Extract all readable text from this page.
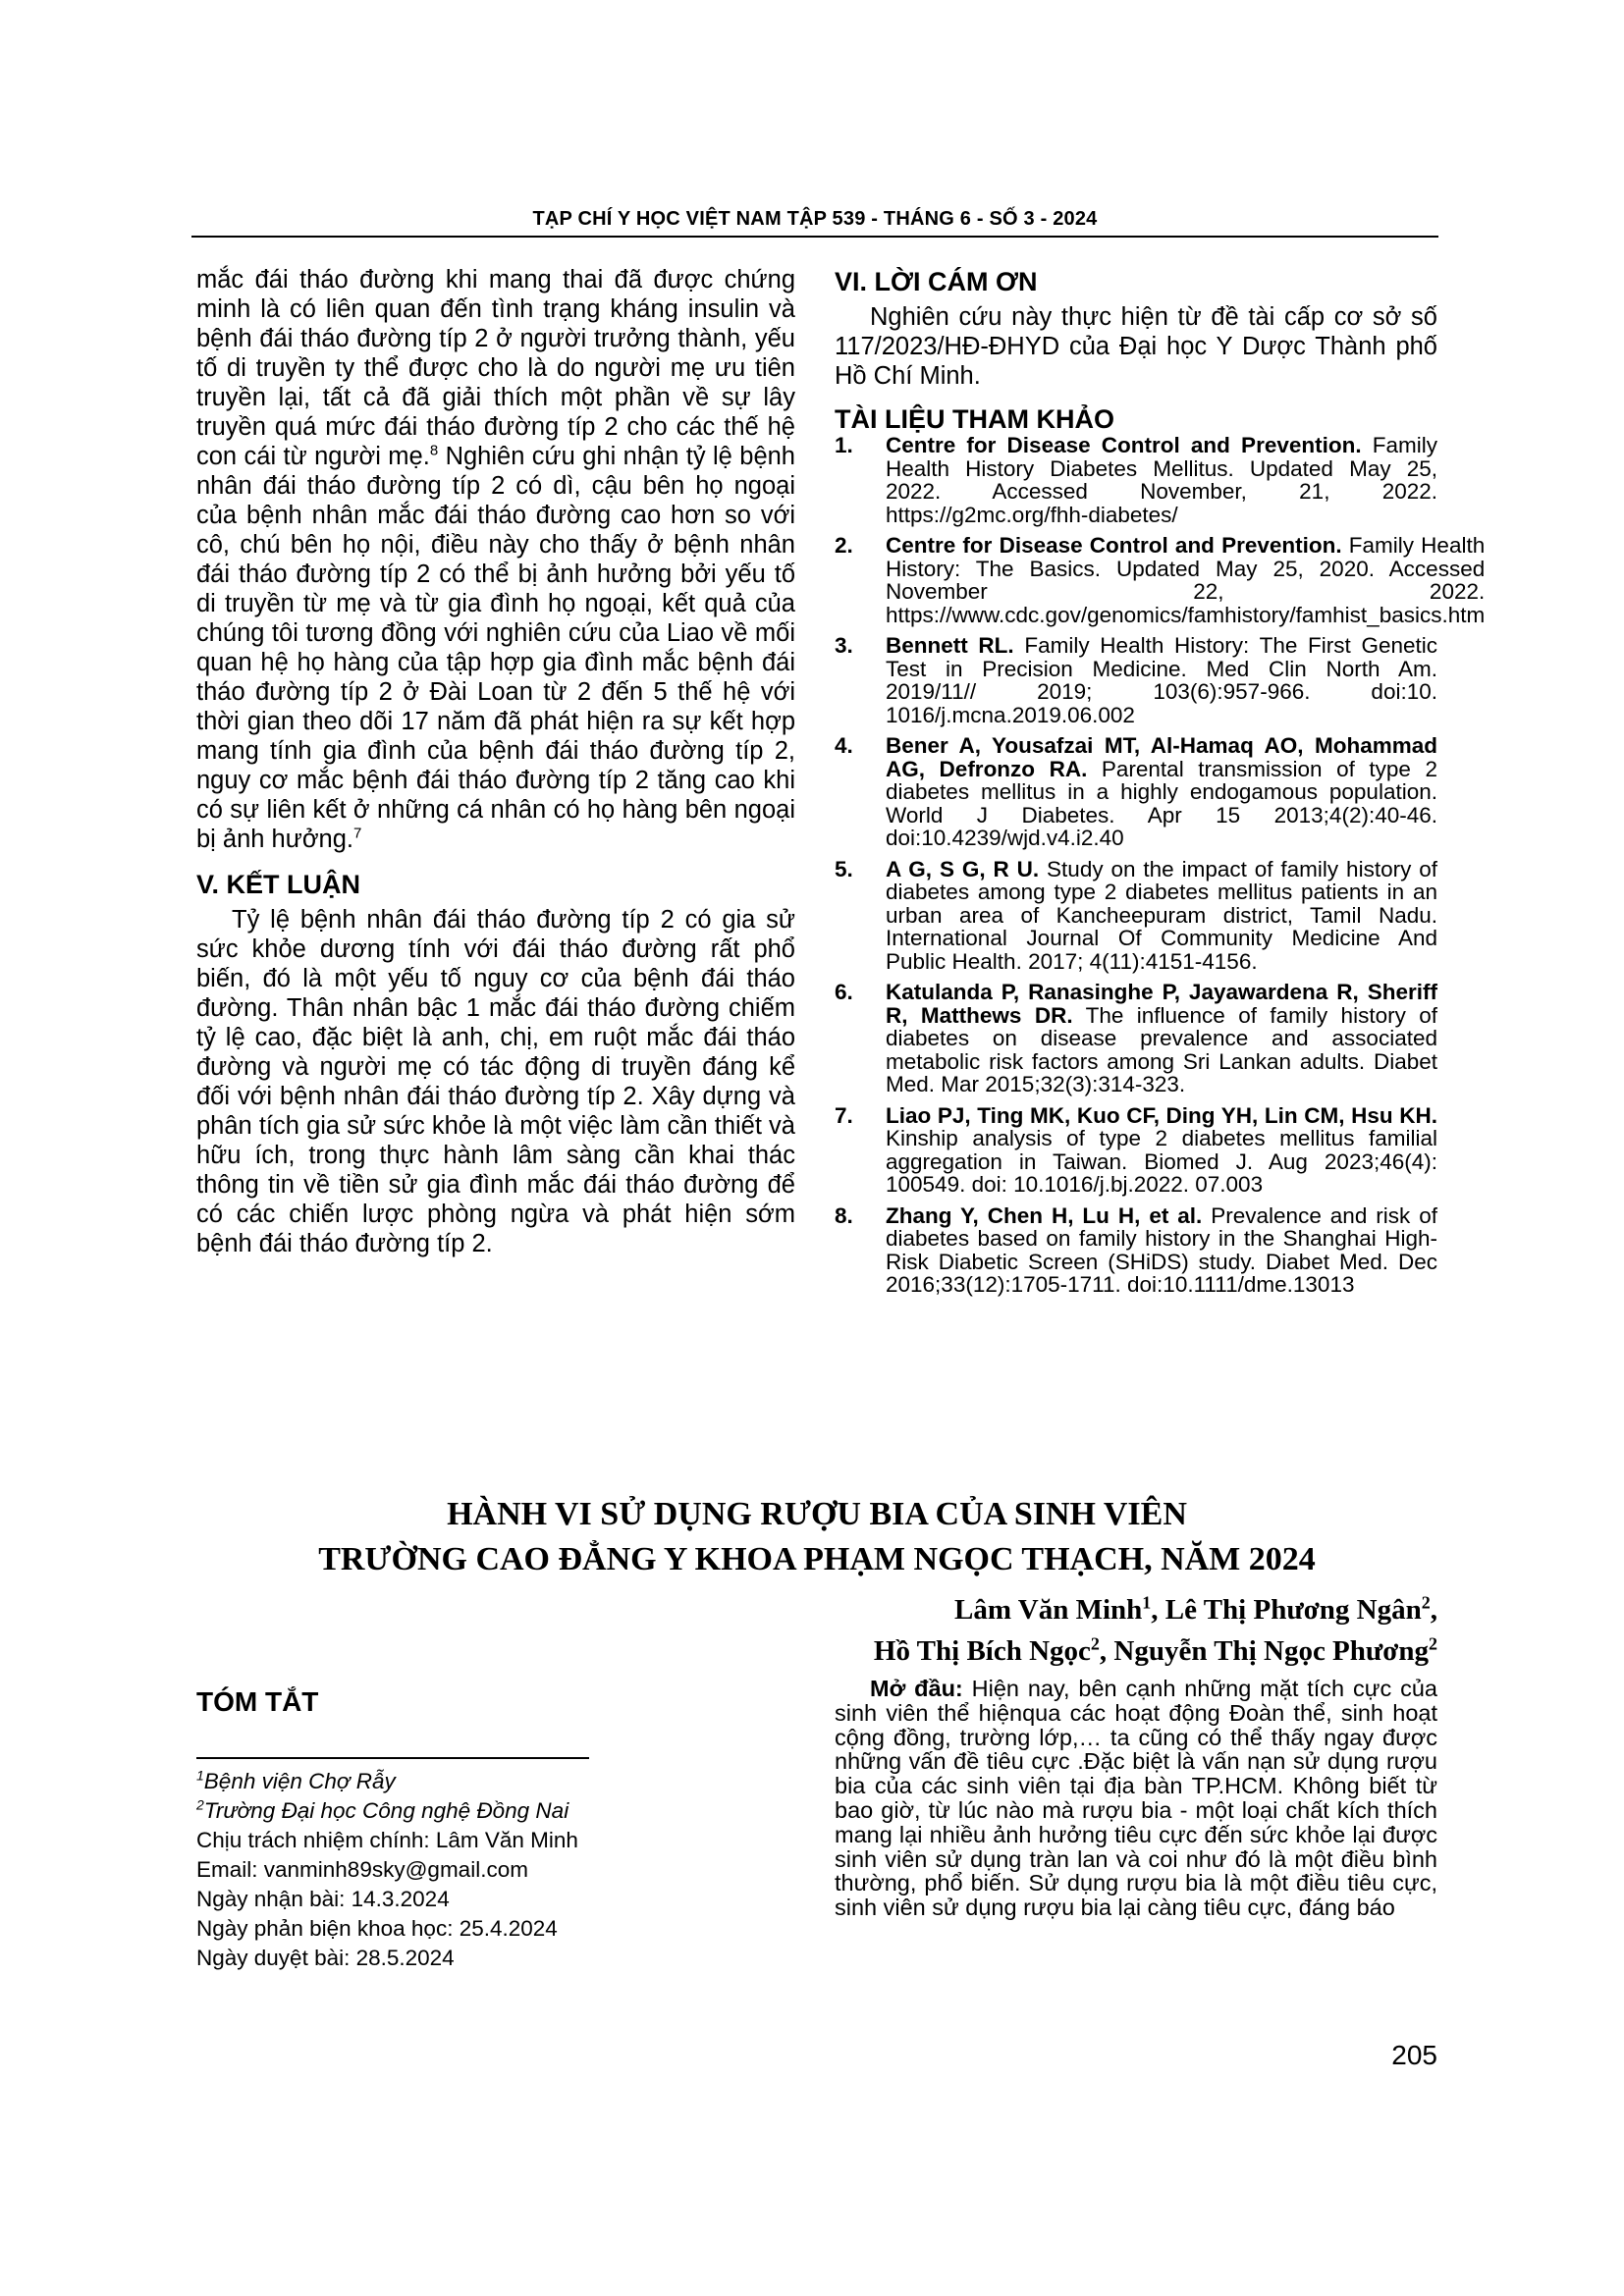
TẠP CHÍ Y HỌC VIỆT NAM TẬP 539 - THÁNG 6 - SỐ 3 - 2024

mắc đái tháo đường khi mang thai đã được chứng minh là có liên quan đến tình trạng kháng insulin và bệnh đái tháo đường típ 2 ở người trưởng thành, yếu tố di truyền ty thể được cho là do người mẹ ưu tiên truyền lại, tất cả đã giải thích một phần về sự lây truyền quá mức đái tháo đường típ 2 cho các thế hệ con cái từ người mẹ.$^8$ Nghiên cứu ghi nhận tỷ lệ bệnh nhân đái tháo đường típ 2 có dì, cậu bên họ ngoại của bệnh nhân mắc đái tháo đường cao hơn so với cô, chú bên họ nội, điều này cho thấy ở bệnh nhân đái tháo đường típ 2 có thể bị ảnh hưởng bởi yếu tố di truyền từ mẹ và từ gia đình họ ngoại, kết quả của chúng tôi tương đồng với nghiên cứu của Liao về mối quan hệ họ hàng của tập hợp gia đình mắc bệnh đái tháo đường típ 2 ở Đài Loan từ 2 đến 5 thế hệ với thời gian theo dõi 17 năm đã phát hiện ra sự kết hợp mang tính gia đình của bệnh đái tháo đường típ 2, nguy cơ mắc bệnh đái tháo đường típ 2 tăng cao khi có sự liên kết ở những cá nhân có họ hàng bên ngoại bị ảnh hưởng.$^7$

V. KẾT LUẬN

Tỷ lệ bệnh nhân đái tháo đường típ 2 có gia sử sức khỏe dương tính với đái tháo đường rất phổ biến, đó là một yếu tố nguy cơ của bệnh đái tháo đường. Thân nhân bậc 1 mắc đái tháo đường chiếm tỷ lệ cao, đặc biệt là anh, chị, em ruột mắc đái tháo đường và người mẹ có tác động di truyền đáng kể đối với bệnh nhân đái tháo đường típ 2. Xây dựng và phân tích gia sử sức khỏe là một việc làm cần thiết và hữu ích, trong thực hành lâm sàng cần khai thác thông tin về tiền sử gia đình mắc đái tháo đường để có các chiến lược phòng ngừa và phát hiện sớm bệnh đái tháo đường típ 2.

VI. LỜI CÁM ƠN

Nghiên cứu này thực hiện từ đề tài cấp cơ sở số 117/2023/HĐ-ĐHYD của Đại học Y Dược Thành phố Hồ Chí Minh.

TÀI LIỆU THAM KHẢO
1.	Centre for Disease Control and Prevention. Family Health History Diabetes Mellitus. Updated May 25, 2022. Accessed November, 21, 2022. https://g2mc.org/fhh-diabetes/
2.	Centre for Disease Control and Prevention. Family Health History: The Basics. Updated May 25, 2020. Accessed November 22, 2022. https://www.cdc.gov/genomics/famhistory/famhist_basics.htm
3.	Bennett RL. Family Health History: The First Genetic Test in Precision Medicine. Med Clin North Am. 2019/11// 2019; 103(6):957-966. doi:10. 1016/j.mcna.2019.06.002
4.	Bener A, Yousafzai MT, Al-Hamaq AO, Mohammad AG, Defronzo RA. Parental transmission of type 2 diabetes mellitus in a highly endogamous population. World J Diabetes. Apr 15 2013;4(2):40-46. doi:10.4239/wjd.v4.i2.40
5.	A G, S G, R U. Study on the impact of family history of diabetes among type 2 diabetes mellitus patients in an urban area of Kancheepuram district, Tamil Nadu. International Journal Of Community Medicine And Public Health. 2017; 4(11):4151-4156.
6.	Katulanda P, Ranasinghe P, Jayawardena R, Sheriff R, Matthews DR. The influence of family history of diabetes on disease prevalence and associated metabolic risk factors among Sri Lankan adults. Diabet Med. Mar 2015;32(3):314-323.
7.	Liao PJ, Ting MK, Kuo CF, Ding YH, Lin CM, Hsu KH. Kinship analysis of type 2 diabetes mellitus familial aggregation in Taiwan. Biomed J. Aug 2023;46(4): 100549. doi: 10.1016/j.bj.2022. 07.003
8.	Zhang Y, Chen H, Lu H, et al. Prevalence and risk of diabetes based on family history in the Shanghai High-Risk Diabetic Screen (SHiDS) study. Diabet Med. Dec 2016;33(12):1705-1711. doi:10.1111/dme.13013
HÀNH VI SỬ DỤNG RƯỢU BIA CỦA SINH VIÊN
TRƯỜNG CAO ĐẲNG Y KHOA PHẠM NGỌC THẠCH, NĂM 2024
Lâm Văn Minh$^1$, Lê Thị Phương Ngân$^2$,
Hồ Thị Bích Ngọc$^2$, Nguyễn Thị Ngọc Phương$^2$
TÓM TẮT

$^1$Bệnh viện Chợ Rẫy

$^2$Trường Đại học Công nghệ Đồng Nai

Chịu trách nhiệm chính: Lâm Văn Minh

Email: vanminh89sky@gmail.com

Ngày nhận bài: 14.3.2024

Ngày phản biện khoa học: 25.4.2024

Ngày duyệt bài: 28.5.2024

Mở đầu: Hiện nay, bên cạnh những mặt tích cực của sinh viên thể hiệnqua các hoạt động Đoàn thể, sinh hoạt cộng đồng, trường lớp,… ta cũng có thể thấy ngay được những vấn đề tiêu cực .Đặc biệt là vấn nạn sử dụng rượu bia của các sinh viên tại địa bàn TP.HCM. Không biết từ bao giờ, từ lúc nào mà rượu bia - một loại chất kích thích mang lại nhiều ảnh hưởng tiêu cực đến sức khỏe lại được sinh viên sử dụng tràn lan và coi như đó là một điều bình thường, phổ biến. Sử dụng rượu bia là một điều tiêu cực, sinh viên sử dụng rượu bia lại càng tiêu cực, đáng báo
205
